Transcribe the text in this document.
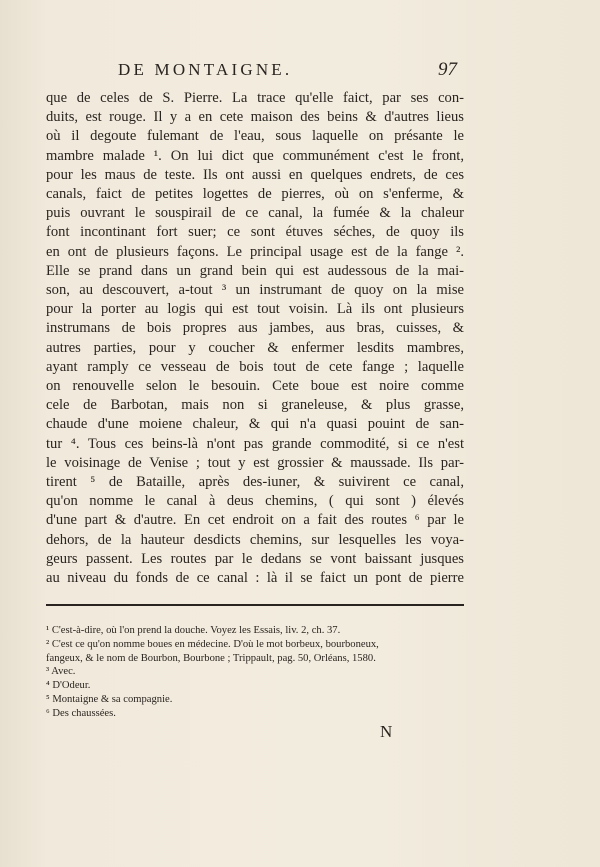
DE MONTAIGNE.	97
que de celes de S. Pierre. La trace qu'elle faict, par ses con-
duits, est rouge. Il y a en cete maison des beins & d'autres lieus
où il degoute fulemant de l'eau, sous laquelle on présante le
mambre malade ¹. On lui dict que communément c'est le front,
pour les maus de teste. Ils ont aussi en quelques endrets, de ces
canals, faict de petites logettes de pierres, où on s'enferme, &
puis ouvrant le souspirail de ce canal, la fumée & la chaleur
font incontinant fort suer; ce sont étuves séches, de quoy ils
en ont de plusieurs façons. Le principal usage est de la fange ².
Elle se prand dans un grand bein qui est audessous de la mai-
son, au descouvert, a-tout ³ un instrumant de quoy on la mise
pour la porter au logis qui est tout voisin. Là ils ont plusieurs
instrumans de bois propres aus jambes, aus bras, cuisses, &
autres parties, pour y coucher & enfermer lesdits mambres,
ayant ramply ce vesseau de bois tout de cete fange ; laquelle
on renouvelle selon le besouin. Cete boue est noire comme
cele de Barbotan, mais non si graneleuse, & plus grasse,
chaude d'une moiene chaleur, & qui n'a quasi pouint de san-
tur ⁴. Tous ces beins-là n'ont pas grande commodité, si ce n'est
le voisinage de Venise ; tout y est grossier & maussade. Ils par-
tirent ⁵ de Bataille, après des-iuner, & suivirent ce canal,
qu'on nomme le canal à deus chemins, ( qui sont ) élevés
d'une part & d'autre. En cet endroit on a fait des routes ⁶ par le
dehors, de la hauteur desdicts chemins, sur lesquelles les voya-
geurs passent. Les routes par le dedans se vont baissant jusques
au niveau du fonds de ce canal : là il se faict un pont de pierre
¹ C'est-à-dire, où l'on prend la douche. Voyez les Essais, liv. 2, ch. 37.
² C'est ce qu'on nomme boues en médecine. D'où le mot borbeux, bourboneux,
fangeux, & le nom de Bourbon, Bourbone ; Trippault, pag. 50, Orléans, 1580.
³ Avec.
⁴ D'Odeur.
⁵ Montaigne & sa compagnie.
⁶ Des chaussées.
N
